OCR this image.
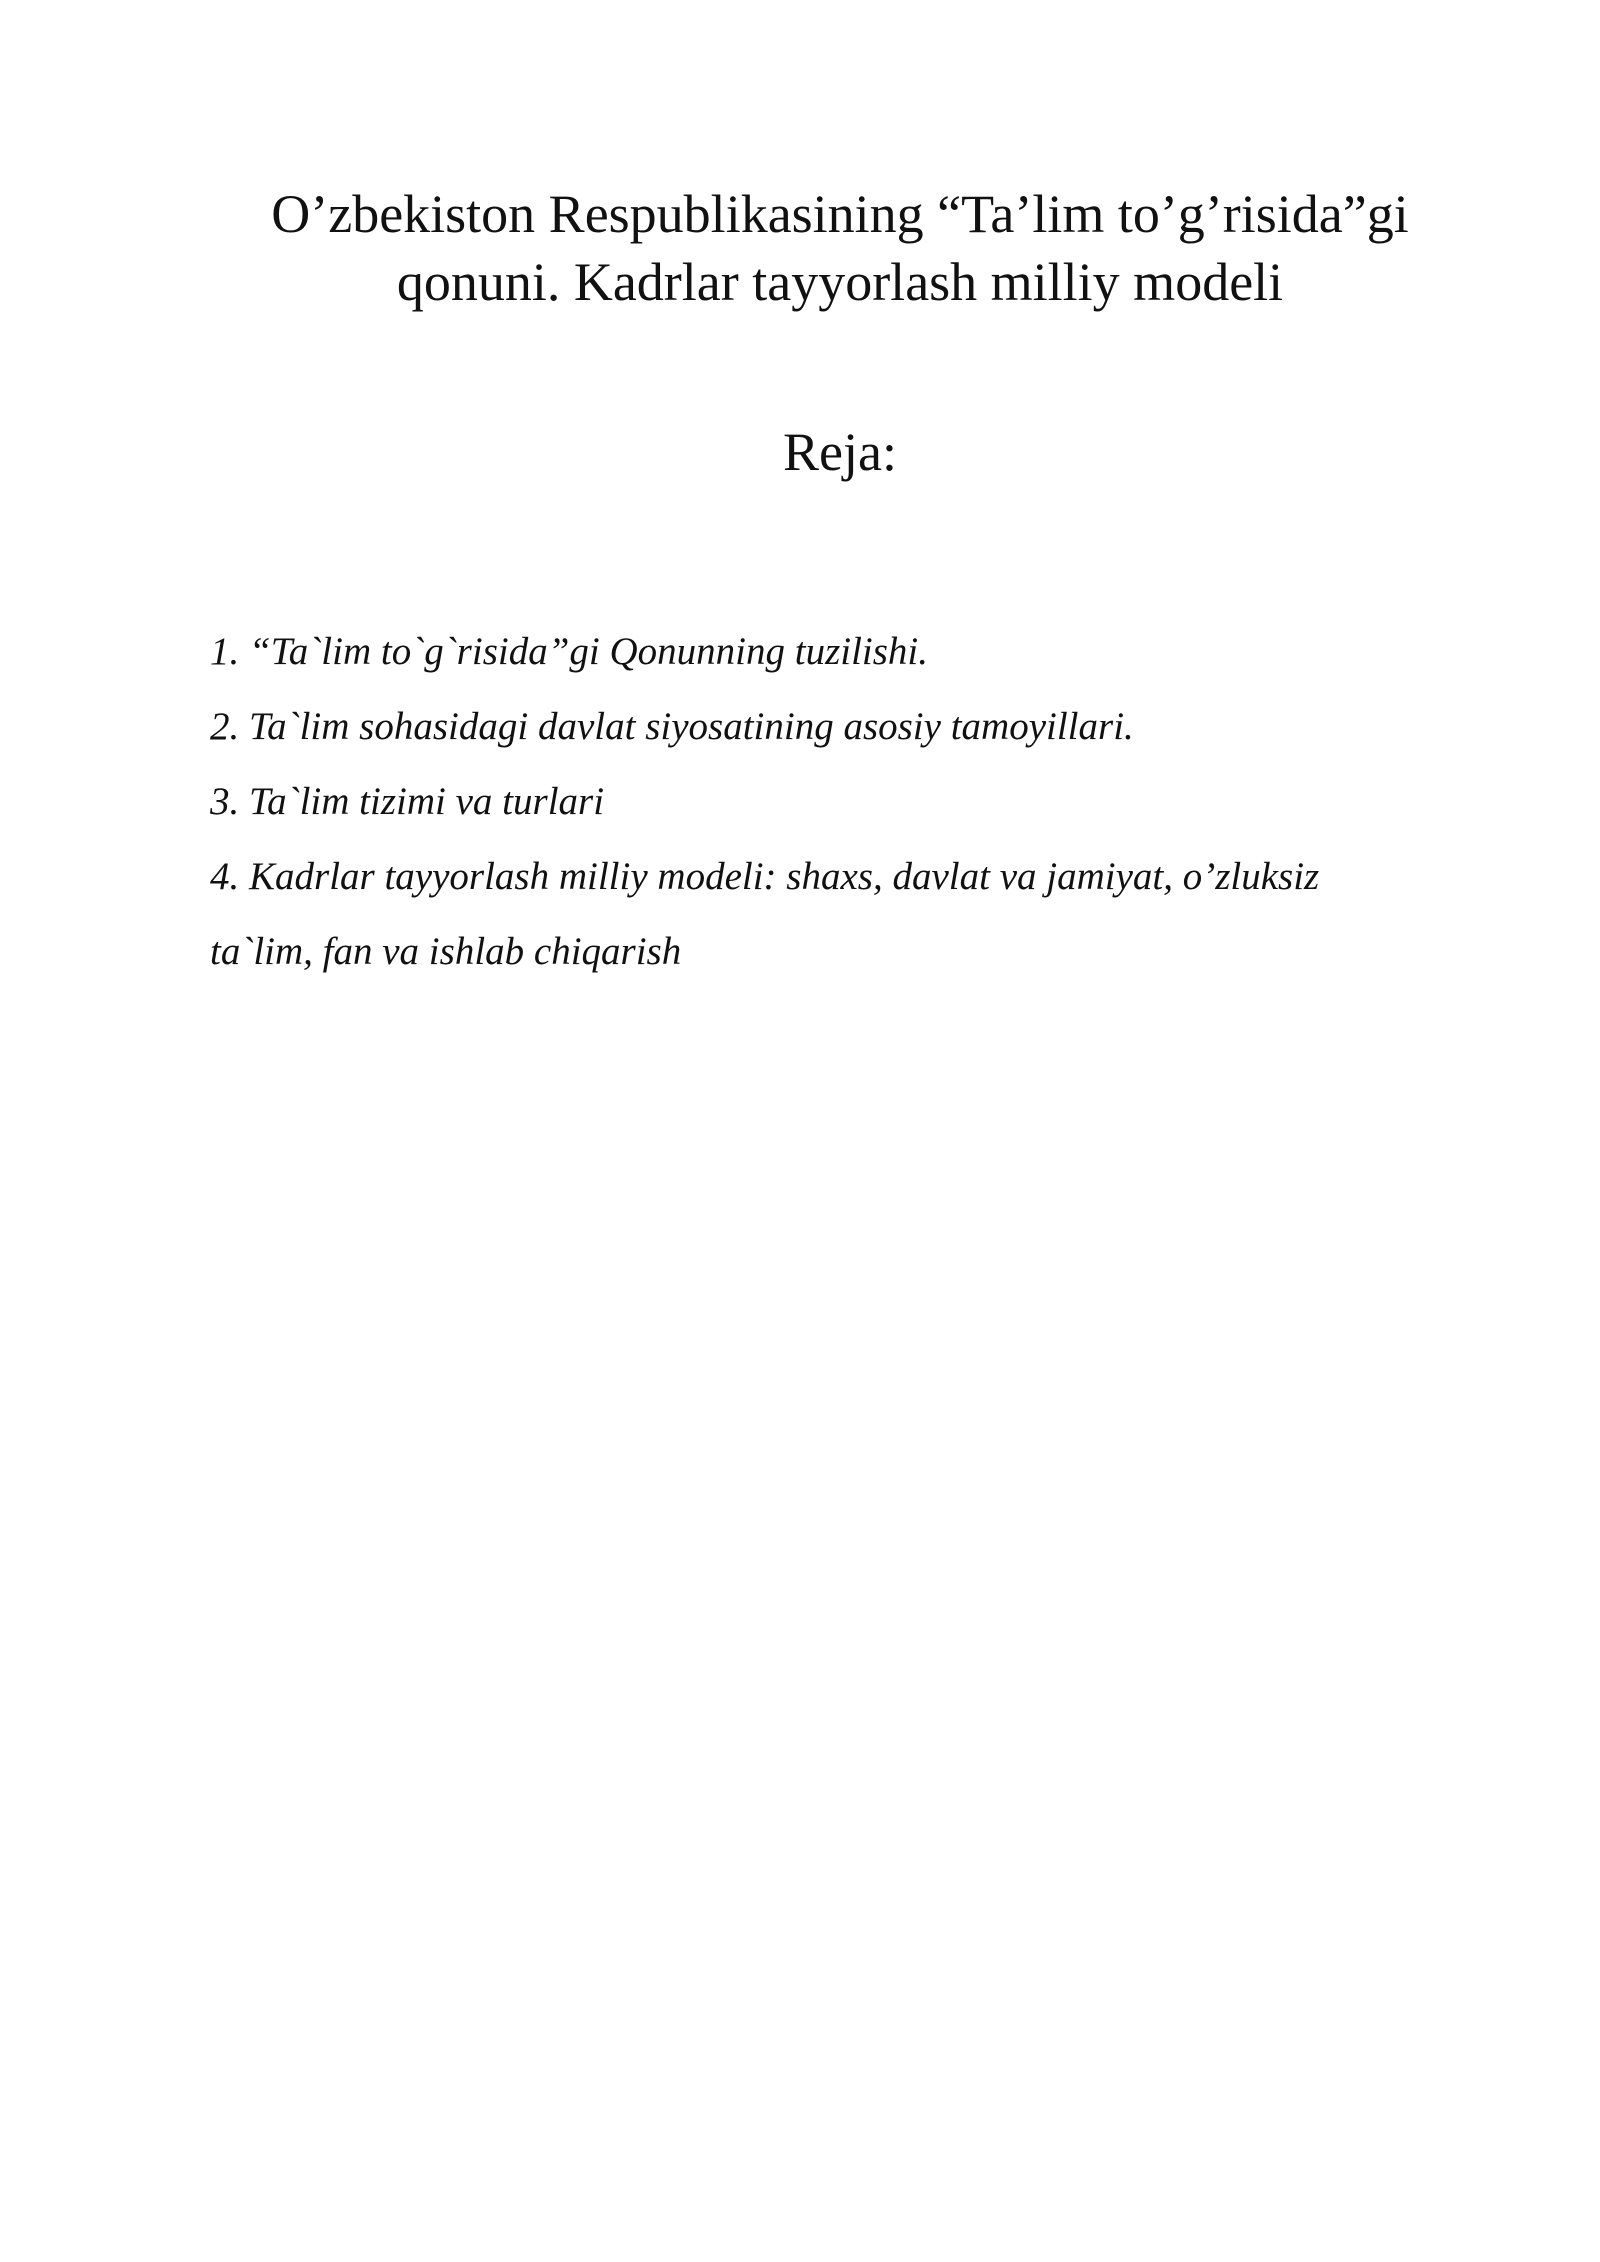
O’zbekiston Respublikasining “Ta’lim to’g’risida”gi
qonuni. Kadrlar tayyorlash milliy modeli
Reja:
1. “Ta`lim to`g`risida”gi Qonunning tuzilishi.
2. Ta`lim sohasidagi davlat siyosatining asosiy tamoyillari.
3. Ta`lim tizimi va turlari
4. Kadrlar tayyorlash milliy modeli: shaxs, davlat va jamiyat, o’zluksiz
ta`lim, fan va ishlab chiqarish
